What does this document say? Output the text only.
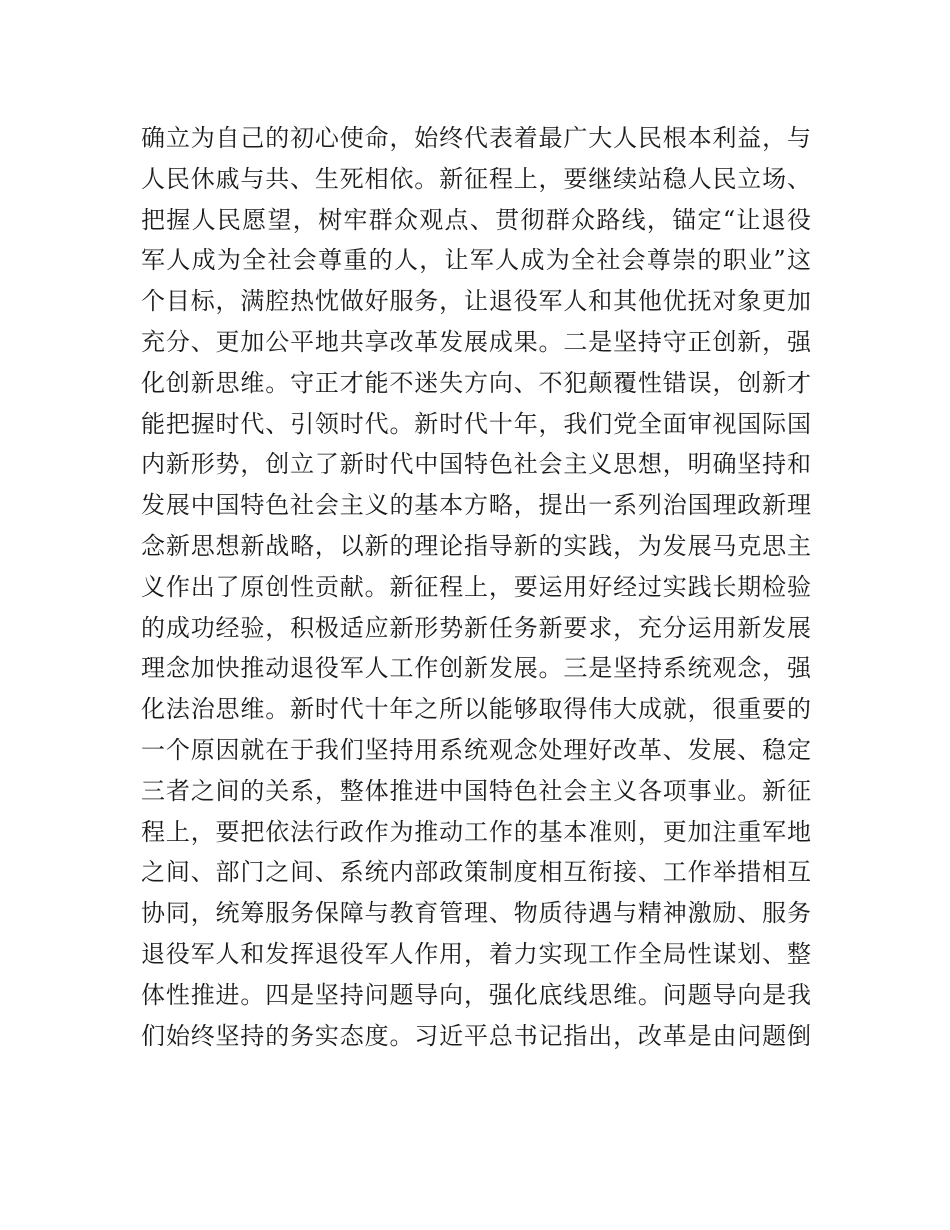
确立为自己的初心使命，始终代表着最广大人民根本利益，与
人民休戚与共、生死相依。新征程上，要继续站稳人民立场、
把握人民愿望，树牢群众观点、贯彻群众路线，锚定“让退役
军人成为全社会尊重的人，让军人成为全社会尊崇的职业”这
个目标，满腔热忱做好服务，让退役军人和其他优抚对象更加
充分、更加公平地共享改革发展成果。二是坚持守正创新，强
化创新思维。守正才能不迷失方向、不犯颠覆性错误，创新才
能把握时代、引领时代。新时代十年，我们党全面审视国际国
内新形势，创立了新时代中国特色社会主义思想，明确坚持和
发展中国特色社会主义的基本方略，提出一系列治国理政新理
念新思想新战略，以新的理论指导新的实践，为发展马克思主
义作出了原创性贡献。新征程上，要运用好经过实践长期检验
的成功经验，积极适应新形势新任务新要求，充分运用新发展
理念加快推动退役军人工作创新发展。三是坚持系统观念，强
化法治思维。新时代十年之所以能够取得伟大成就，很重要的
一个原因就在于我们坚持用系统观念处理好改革、发展、稳定
三者之间的关系，整体推进中国特色社会主义各项事业。新征
程上，要把依法行政作为推动工作的基本准则，更加注重军地
之间、部门之间、系统内部政策制度相互衔接、工作举措相互
协同，统筹服务保障与教育管理、物质待遇与精神激励、服务
退役军人和发挥退役军人作用，着力实现工作全局性谋划、整
体性推进。四是坚持问题导向，强化底线思维。问题导向是我
们始终坚持的务实态度。习近平总书记指出，改革是由问题倒
